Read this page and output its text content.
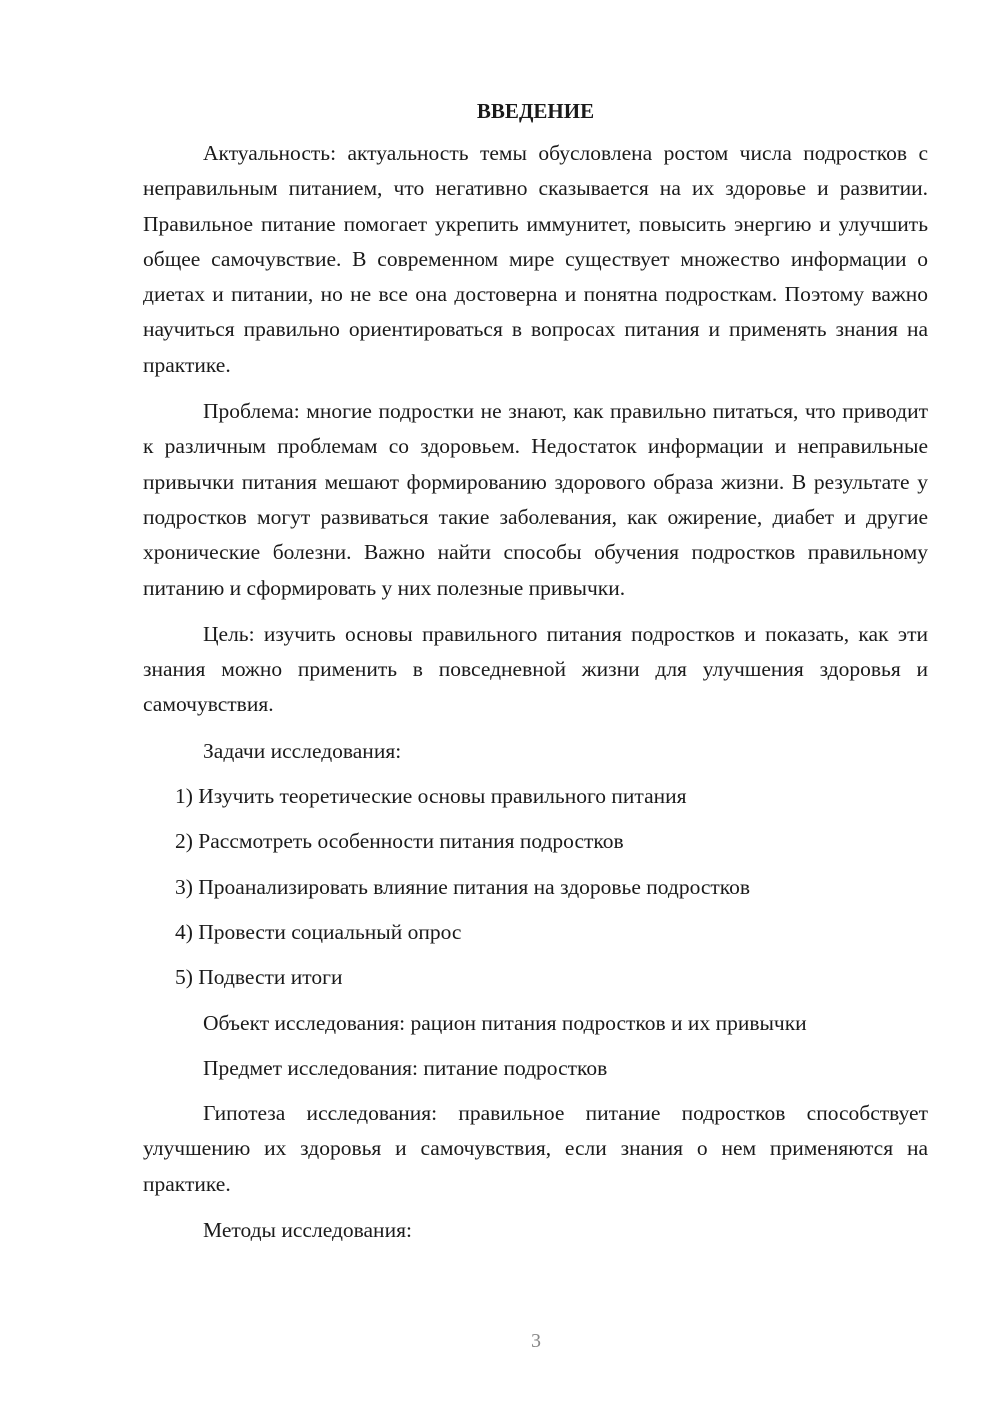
ВВЕДЕНИЕ
Актуальность: актуальность темы обусловлена ростом числа подростков с неправильным питанием, что негативно сказывается на их здоровье и развитии. Правильное питание помогает укрепить иммунитет, повысить энергию и улучшить общее самочувствие. В современном мире существует множество информации о диетах и питании, но не все она достоверна и понятна подросткам. Поэтому важно научиться правильно ориентироваться в вопросах питания и применять знания на практике.
Проблема: многие подростки не знают, как правильно питаться, что приводит к различным проблемам со здоровьем. Недостаток информации и неправильные привычки питания мешают формированию здорового образа жизни. В результате у подростков могут развиваться такие заболевания, как ожирение, диабет и другие хронические болезни. Важно найти способы обучения подростков правильному питанию и сформировать у них полезные привычки.
Цель: изучить основы правильного питания подростков и показать, как эти знания можно применить в повседневной жизни для улучшения здоровья и самочувствия.
Задачи исследования:
1) Изучить теоретические основы правильного питания
2) Рассмотреть особенности питания подростков
3) Проанализировать влияние питания на здоровье подростков
4) Провести социальный опрос
5) Подвести итоги
Объект исследования: рацион питания подростков и их привычки
Предмет исследования: питание подростков
Гипотеза исследования: правильное питание подростков способствует улучшению их здоровья и самочувствия, если знания о нем применяются на практике.
Методы исследования:
3
